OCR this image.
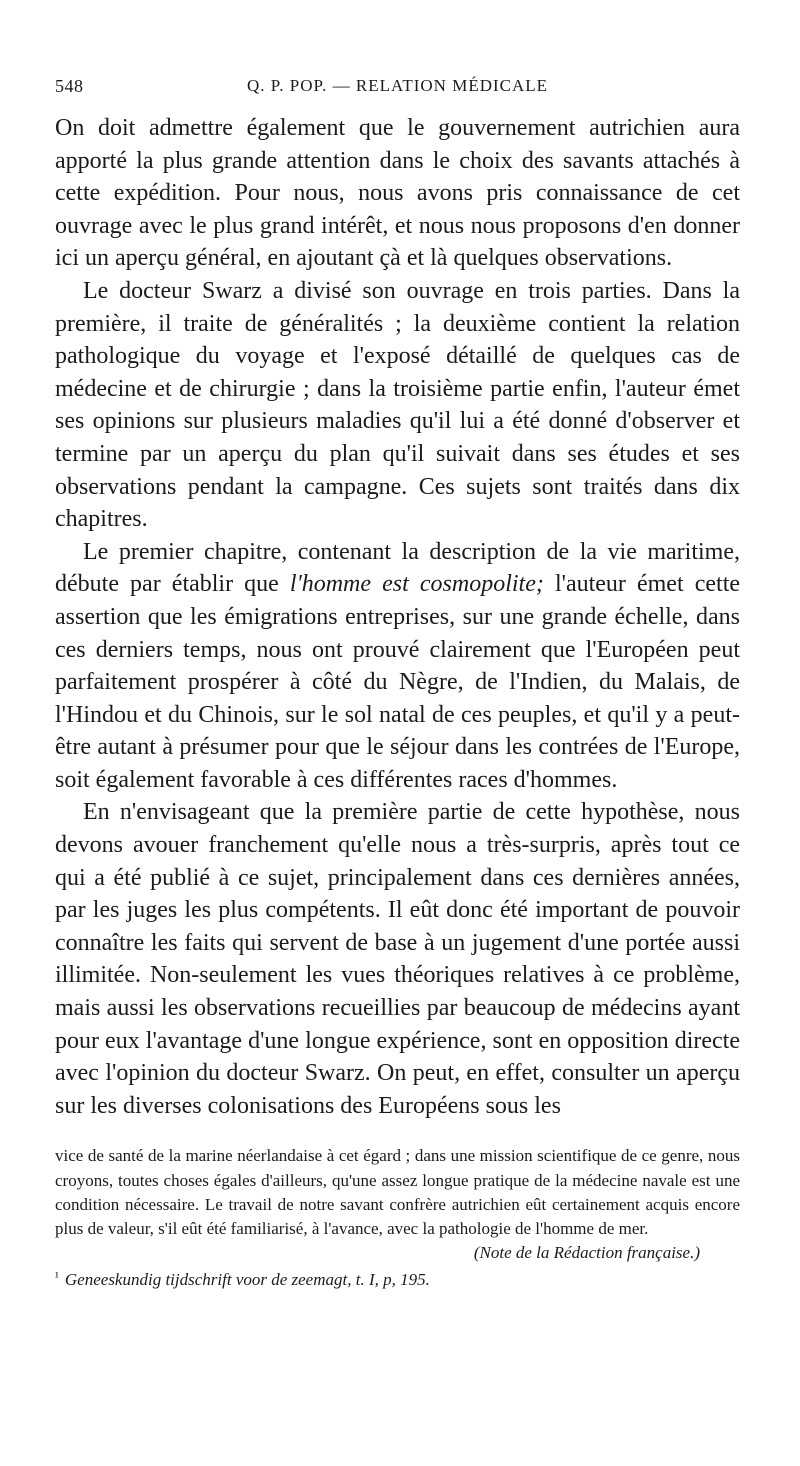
548	Q. P. POP. — RELATION MÉDICALE

On doit admettre également que le gouvernement autrichien aura apporté la plus grande attention dans le choix des savants attachés à cette expédition. Pour nous, nous avons pris connaissance de cet ouvrage avec le plus grand intérêt, et nous nous proposons d'en donner ici un aperçu général, en ajoutant çà et là quelques observations.

Le docteur Swarz a divisé son ouvrage en trois parties. Dans la première, il traite de généralités ; la deuxième contient la relation pathologique du voyage et l'exposé détaillé de quelques cas de médecine et de chirurgie ; dans la troisième partie enfin, l'auteur émet ses opinions sur plusieurs maladies qu'il lui a été donné d'observer et termine par un aperçu du plan qu'il suivait dans ses études et ses observations pendant la campagne. Ces sujets sont traités dans dix chapitres.

Le premier chapitre, contenant la description de la vie maritime, débute par établir que l'homme est cosmopolite; l'auteur émet cette assertion que les émigrations entreprises, sur une grande échelle, dans ces derniers temps, nous ont prouvé clairement que l'Européen peut parfaitement prospérer à côté du Nègre, de l'Indien, du Malais, de l'Hindou et du Chinois, sur le sol natal de ces peuples, et qu'il y a peut-être autant à présumer pour que le séjour dans les contrées de l'Europe, soit également favorable à ces différentes races d'hommes.

En n'envisageant que la première partie de cette hypothèse, nous devons avouer franchement qu'elle nous a très-surpris, après tout ce qui a été publié à ce sujet, principalement dans ces dernières années, par les juges les plus compétents. Il eût donc été important de pouvoir connaître les faits qui servent de base à un jugement d'une portée aussi illimitée. Non-seulement les vues théoriques relatives à ce problème, mais aussi les observations recueillies par beaucoup de médecins ayant pour eux l'avantage d'une longue expérience, sont en opposition directe avec l'opinion du docteur Swarz. On peut, en effet, consulter un aperçu sur les diverses colonisations des Européens sous les

vice de santé de la marine néerlandaise à cet égard ; dans une mission scientifique de ce genre, nous croyons, toutes choses égales d'ailleurs, qu'une assez longue pratique de la médecine navale est une condition nécessaire. Le travail de notre savant confrère autrichien eût certainement acquis encore plus de valeur, s'il eût été familiarisé, à l'avance, avec la pathologie de l'homme de mer.

(Note de la Rédaction française.)

$^{^1}$ Geneeskundig tijdschrift voor de zeemagt, t. I, p, 195.
